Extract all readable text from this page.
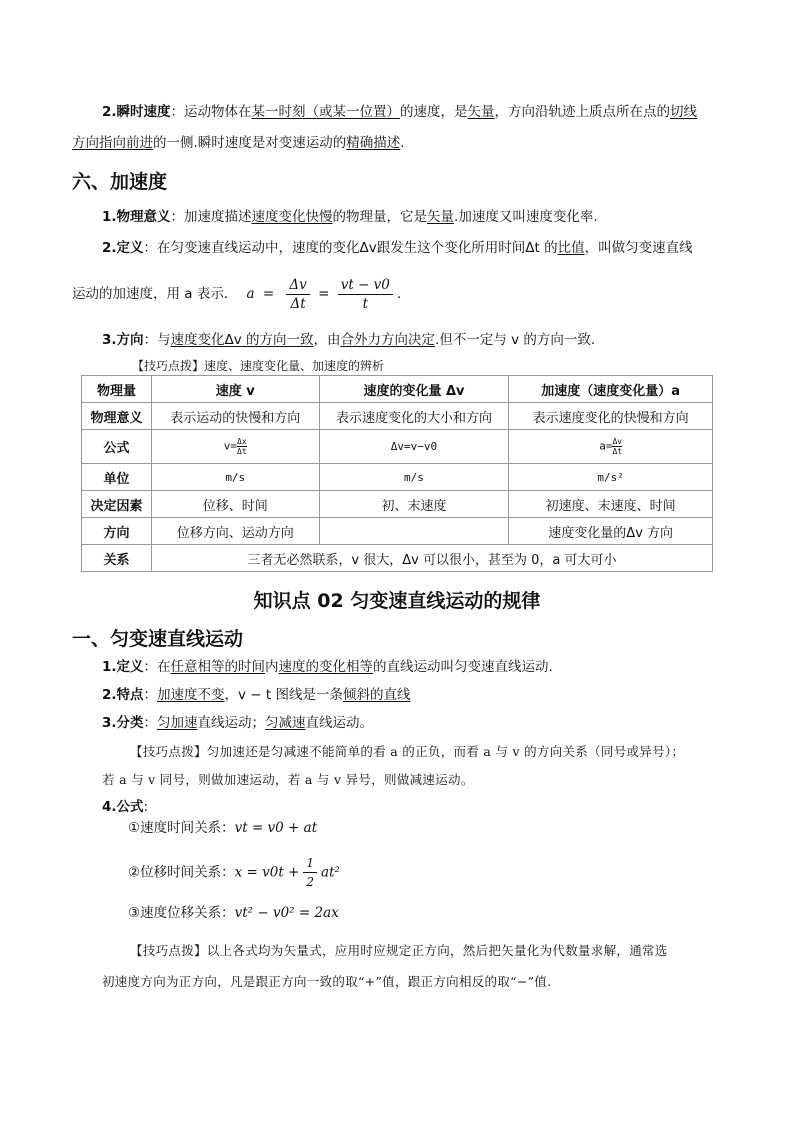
2.瞬时速度：运动物体在某一时刻（或某一位置）的速度，是矢量，方向沿轨迹上质点所在点的切线
方向指向前进的一侧.瞬时速度是对变速运动的精确描述.
六、加速度
1.物理意义：加速度描述速度变化快慢的物理量，它是矢量.加速度又叫速度变化率.
2.定义：在匀变速直线运动中，速度的变化Δv跟发生这个变化所用时间Δt 的比值，叫做匀变速直线
运动的加速度，用 a 表示. $a = \frac{\Delta v}{\Delta t} = \frac{vt - v0}{t}$ .
3.方向：与速度变化Δv 的方向一致，由合外力方向决定.但不一定与 v 的方向一致.
【技巧点拨】速度、速度变化量、加速度的辨析
物理量	速度 v	速度的变化量 Δv	加速度（速度变化量）a
物理意义	表示运动的快慢和方向	表示速度变化的大小和方向	表示速度变化的快慢和方向
公式	$v= \frac{\Delta x}{\Delta t}$	Δv=v−v0	$a= \frac{\Delta v}{\Delta t}$
单位	m/s	m/s	m/s²
决定因素	位移、时间	初、末速度	初速度、末速度、时间
方向	位移方向、运动方向		速度变化量的Δv 方向
关系	三者无必然联系，v 很大，Δv 可以很小，甚至为 0，a 可大可小		
知识点 02 匀变速直线运动的规律
一、匀变速直线运动
1.定义：在任意相等的时间内速度的变化相等的直线运动叫匀变速直线运动.
2.特点：加速度不变，v − t 图线是一条倾斜的直线
3.分类：匀加速直线运动；匀减速直线运动。
【技巧点拨】匀加速还是匀减速不能简单的看 a 的正负，而看 a 与 v 的方向关系（同号或异号）；
若 a 与 v 同号，则做加速运动，若 a 与 v 异号，则做减速运动。
4.公式:
①速度时间关系：vt = v0 + at
②位移时间关系：$x = v0t + \frac{1}{2} at^2$
③速度位移关系：vt² − v0² = 2ax
【技巧点拨】以上各式均为矢量式，应用时应规定正方向，然后把矢量化为代数量求解，通常选
初速度方向为正方向，凡是跟正方向一致的取“+”值，跟正方向相反的取“−”值.
